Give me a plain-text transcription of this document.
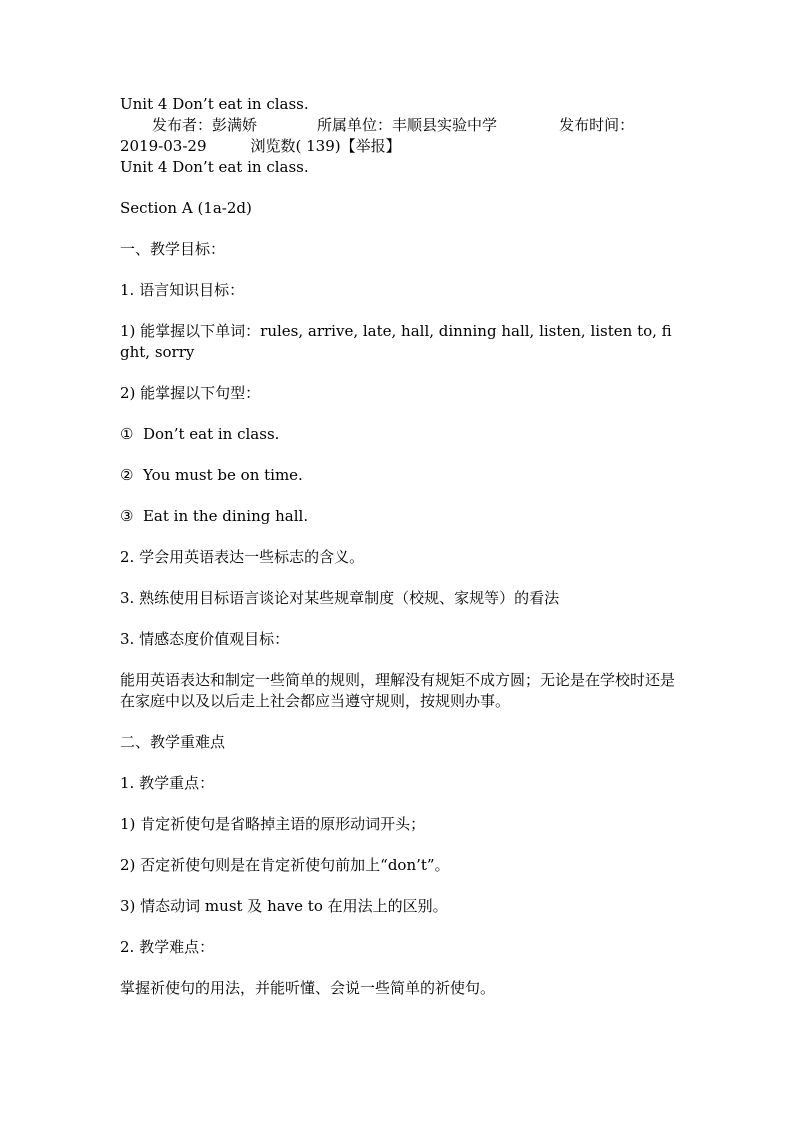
Unit 4 Don’t eat in class.

发布者： 彭满娇	所属单位： 丰顺县实验中学	发布时间：
2019-03-29	浏览数( 139) 【举报】

Unit 4 Don’t eat in class.

Section A (1a-2d)

一、教学目标：

1. 语言知识目标：

1) 能掌握以下单词：rules, arrive, late, hall, dinning hall, listen, listen to, fight, sorry

2) 能掌握以下句型：

①  Don’t eat in class.

②  You must be on time.

③  Eat in the dining hall.

2. 学会用英语表达一些标志的含义。

3. 熟练使用目标语言谈论对某些规章制度（校规、家规等）的看法

3. 情感态度价值观目标：

能用英语表达和制定一些简单的规则，理解没有规矩不成方圆；无论是在学校时还是在家庭中以及以后走上社会都应当遵守规则，按规则办事。

二、教学重难点

1. 教学重点：

1) 肯定祈使句是省略掉主语的原形动词开头；

2) 否定祈使句则是在肯定祈使句前加上“don’t”。

3) 情态动词 must 及 have to 在用法上的区别。

2. 教学难点：

掌握祈使句的用法，并能听懂、会说一些简单的祈使句。
